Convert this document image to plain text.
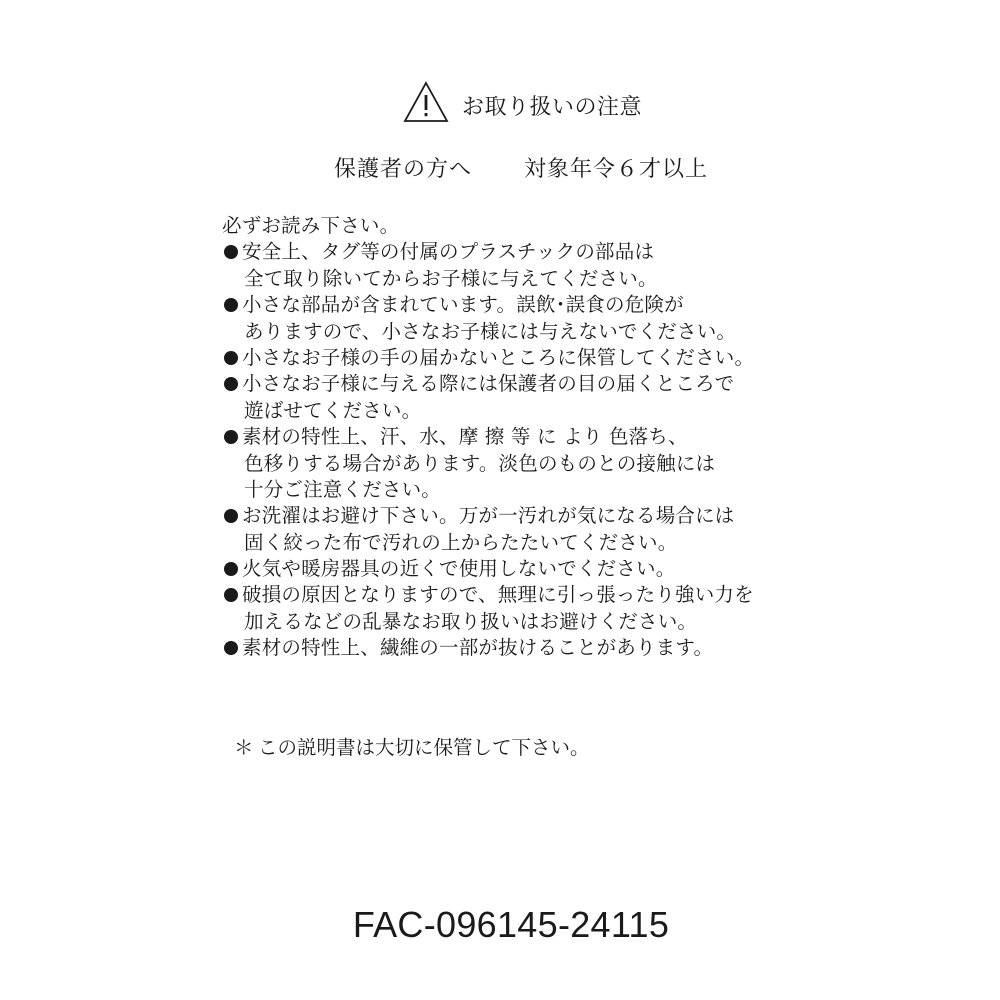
お取り扱いの注意
保護者の方へ 対象年令６才以上
必ずお読み下さい。
安全上、タグ等の付属のプラスチックの部品は
全て取り除いてからお子様に与えてください。
小さな部品が含まれています。誤飲･誤食の危険が
ありますので、小さなお子様には与えないでください。
小さなお子様の手の届かないところに保管してください。
小さなお子様に与える際には保護者の目の届くところで
遊ばせてください。
素材の特性上、汗、水、摩 擦 等 に より 色落ち、
色移りする場合があります。淡色のものとの接触には
十分ご注意ください。
お洗濯はお避け下さい。万が一汚れが気になる場合には
固く絞った布で汚れの上からたたいてください。
火気や暖房器具の近くで使用しないでください。
破損の原因となりますので、無理に引っ張ったり強い力を
加えるなどの乱暴なお取り扱いはお避けください。
素材の特性上、繊維の一部が抜けることがあります。
＊ この説明書は大切に保管して下さい。
FAC-096145-24115
